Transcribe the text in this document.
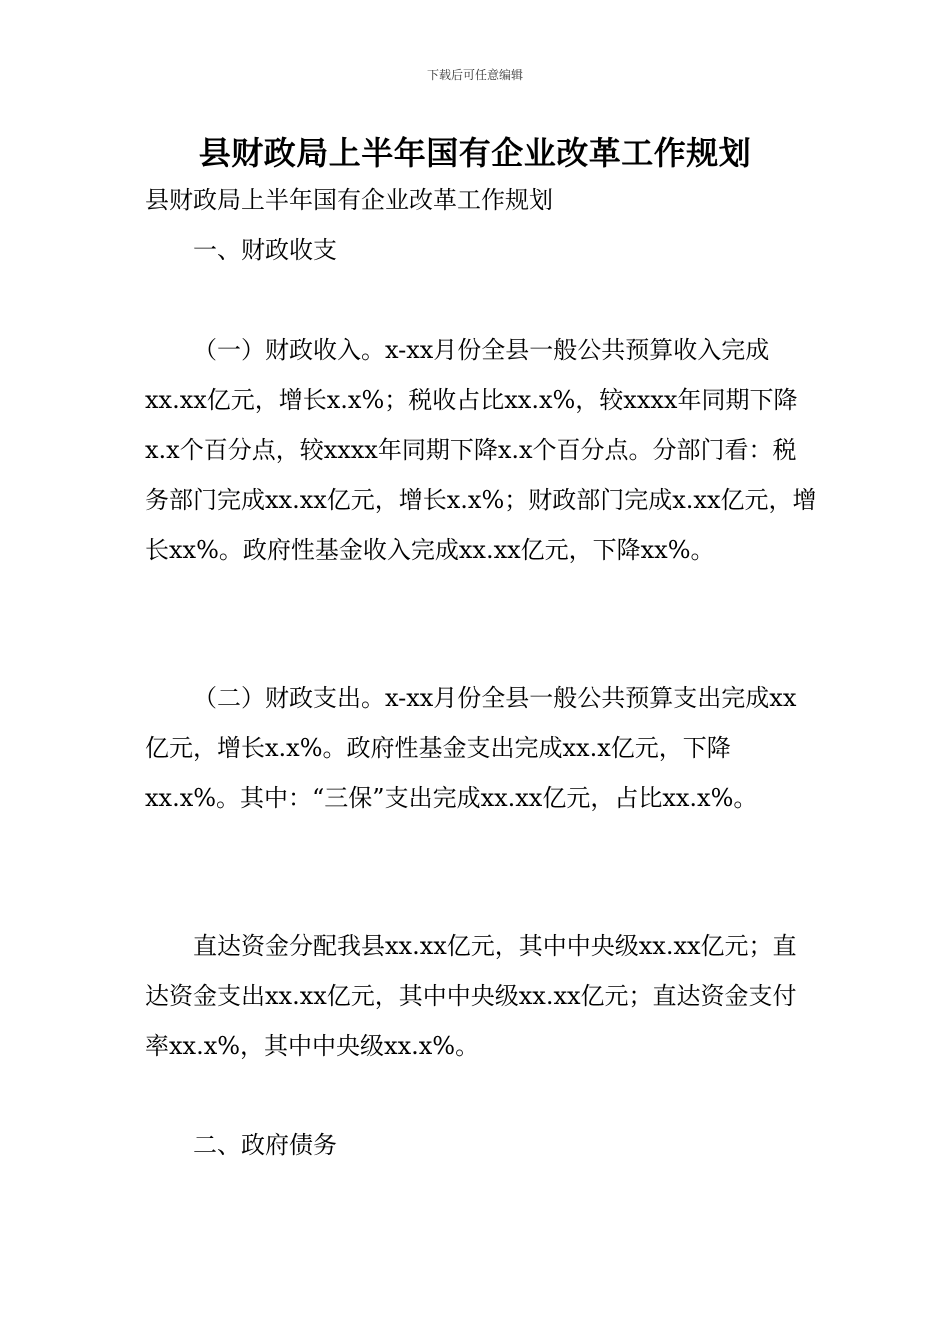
下载后可任意编辑
县财政局上半年国有企业改革工作规划

县财政局上半年国有企业改革工作规划

一、财政收支

（一）财政收入。x-xx月份全县一般公共预算收入完成xx.xx亿元，增长x.x%；税收占比xx.x%，较xxxx年同期下降x.x个百分点，较xxxx年同期下降x.x个百分点。分部门看：税务部门完成xx.xx亿元，增长x.x%；财政部门完成x.xx亿元，增长xx%。政府性基金收入完成xx.xx亿元，下降xx%。

（二）财政支出。x-xx月份全县一般公共预算支出完成xx亿元，增长x.x%。政府性基金支出完成xx.x亿元，下降xx.x%。其中：“三保”支出完成xx.xx亿元，占比xx.x%。

直达资金分配我县xx.xx亿元，其中中央级xx.xx亿元；直达资金支出xx.xx亿元，其中中央级xx.xx亿元；直达资金支付率xx.x%，其中中央级xx.x%。

二、政府债务
